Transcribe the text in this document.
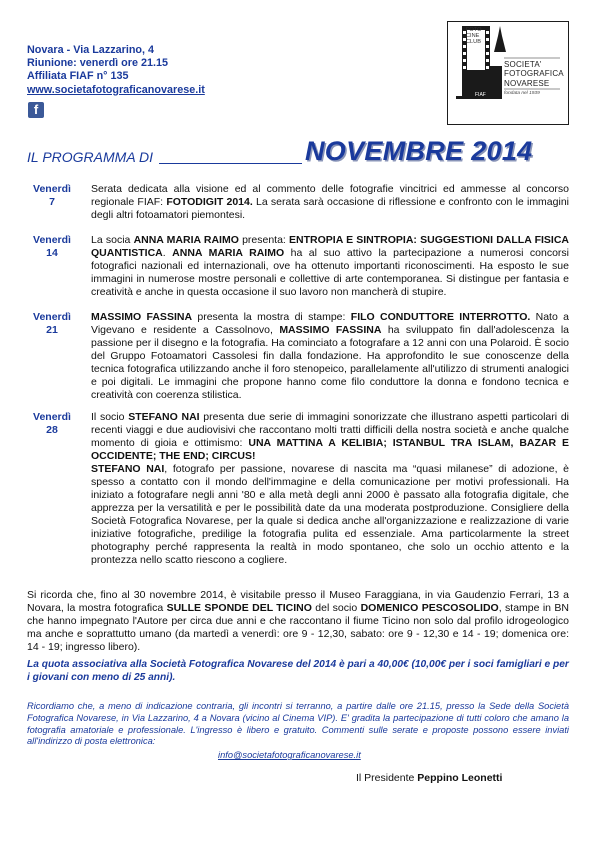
Novara - Via Lazzarino, 4
Riunione: venerdì ore 21.15
Affiliata FIAF n° 135
www.societafotograficanovarese.it
f
FOTO
CINE
CLUB
SOCIETA'
FOTOGRAFICA
NOVARESE
FIAF	fondata nel 1939
IL PROGRAMMA DI	NOVEMBRE 2014
Venerdì
7
Serata dedicata alla visione ed al commento delle fotografie vincitrici ed ammesse al concorso regionale FIAF: FOTODIGIT 2014. La serata sarà occasione di riflessione e confronto con le immagini degli altri fotoamatori piemontesi.
Venerdì
14
La socia ANNA MARIA RAIMO presenta: ENTROPIA E SINTROPIA: SUGGESTIONI DALLA FISICA QUANTISTICA. ANNA MARIA RAIMO ha al suo attivo la partecipazione a numerosi concorsi fotografici nazionali ed internazionali, ove ha ottenuto importanti riconoscimenti. Ha esposto le sue immagini in numerose mostre personali e collettive di arte contemporanea. Si distingue per fantasia e creatività e anche in questa occasione il suo lavoro non mancherà di stupire.
Venerdì
21
MASSIMO FASSINA presenta la mostra di stampe: FILO CONDUTTORE INTERROTTO. Nato a Vigevano e residente a Cassolnovo, MASSIMO FASSINA ha sviluppato fin dall'adolescenza la passione per il disegno e la fotografia. Ha cominciato a fotografare a 12 anni con una Polaroid. È socio del Gruppo Fotoamatori Cassolesi fin dalla fondazione. Ha approfondito le sue conoscenze della tecnica fotografica utilizzando anche il foro stenopeico, parallelamente all'utilizzo di strumenti analogici e poi digitali. Le immagini che propone hanno come filo conduttore la donna e fondono tecnica e creatività con coerenza stilistica.
Venerdì
28

Il socio STEFANO NAI presenta due serie di immagini sonorizzate che illustrano aspetti particolari di recenti viaggi e due audiovisivi che raccontano molti tratti difficili della nostra società e anche qualche momento di gioia e ottimismo: UNA MATTINA A KELIBIA; ISTANBUL TRA ISLAM, BAZAR E OCCIDENTE; THE END; CIRCUS!

STEFANO NAI, fotografo per passione, novarese di nascita ma “quasi milanese” di adozione, è spesso a contatto con il mondo dell'immagine e della comunicazione per motivi professionali. Ha iniziato a fotografare negli anni '80 e alla metà degli anni 2000 è passato alla fotografia digitale, che apprezza per la versatilità e per le possibilità date da una moderata postproduzione. Consigliere della Società Fotografica Novarese, per la quale si dedica anche all'organizzazione e realizzazione di varie iniziative fotografiche, predilige la fotografia pulita ed essenziale. Ama particolarmente la street photography perché rappresenta la realtà in modo spontaneo, che solo un occhio attento e la prontezza nello scatto riescono a cogliere.

Si ricorda che, fino al 30 novembre 2014, è visitabile presso il Museo Faraggiana, in via Gaudenzio Ferrari, 13 a Novara, la mostra fotografica SULLE SPONDE DEL TICINO del socio DOMENICO PESCOSOLIDO, stampe in BN che hanno impegnato l'Autore per circa due anni e che raccontano il fiume Ticino non solo dal profilo idrogeologico ma anche e soprattutto umano (da martedì a venerdì: ore 9 - 12,30, sabato: ore 9 - 12,30 e 14 - 19; domenica ore: 14 - 19; ingresso libero).
La quota associativa alla Società Fotografica Novarese del 2014 è pari a 40,00€ (10,00€ per i soci famigliari e per i giovani con meno di 25 anni).
Ricordiamo che, a meno di indicazione contraria, gli incontri si terranno, a partire dalle ore 21.15, presso la Sede della Società Fotografica Novarese, in Via Lazzarino, 4 a Novara (vicino al Cinema VIP). E' gradita la partecipazione di tutti coloro che amano la fotografia amatoriale e professionale. L'ingresso è libero e gratuito. Commenti sulle serate e proposte possono essere inviati all'indirizzo di posta elettronica:
info@societafotograficanovarese.it
Il Presidente Peppino Leonetti
